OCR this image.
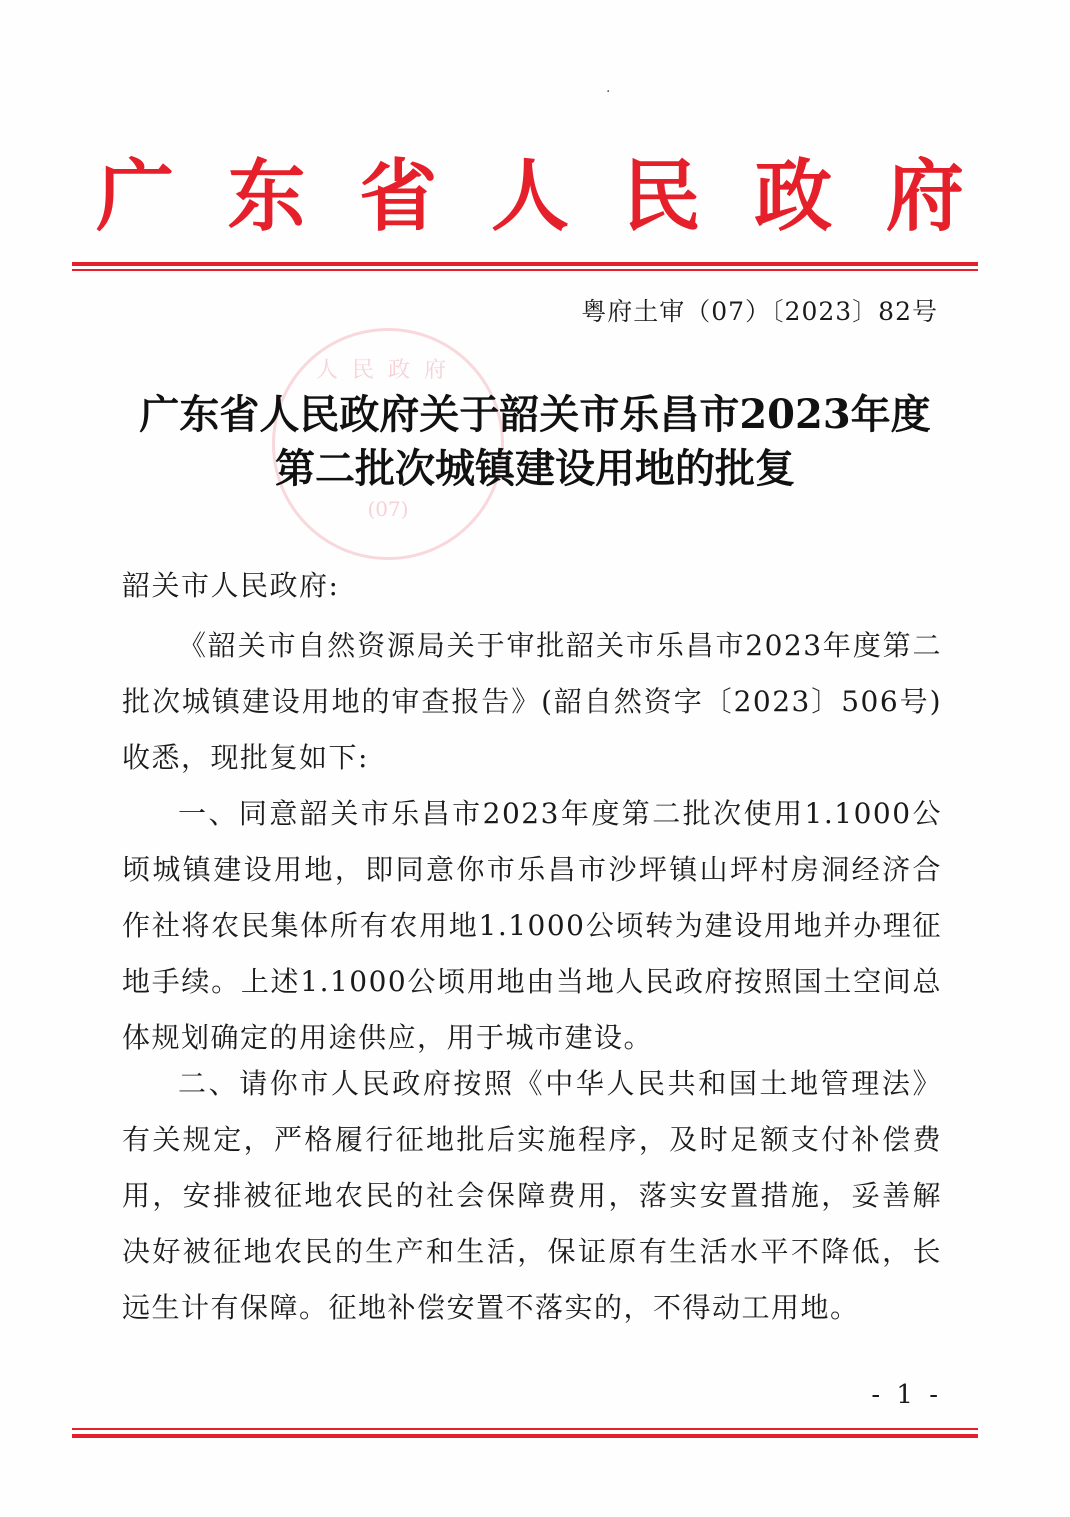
·
广 东 省 人 民 政 府
粤府土审（07）〔2023〕82号
人民政府
(07)
广东省人民政府关于韶关市乐昌市2023年度
第二批次城镇建设用地的批复
韶关市人民政府:

《韶关市自然资源局关于审批韶关市乐昌市2023年度第二批次城镇建设用地的审查报告》(韶自然资字〔2023〕506号)收悉，现批复如下:

一、同意韶关市乐昌市2023年度第二批次使用1.1000公顷城镇建设用地，即同意你市乐昌市沙坪镇山坪村房洞经济合作社将农民集体所有农用地1.1000公顷转为建设用地并办理征地手续。上述1.1000公顷用地由当地人民政府按照国土空间总体规划确定的用途供应，用于城市建设。

二、请你市人民政府按照《中华人民共和国土地管理法》有关规定，严格履行征地批后实施程序，及时足额支付补偿费用，安排被征地农民的社会保障费用，落实安置措施，妥善解决好被征地农民的生产和生活，保证原有生活水平不降低，长远生计有保障。征地补偿安置不落实的，不得动工用地。

- 1 -
